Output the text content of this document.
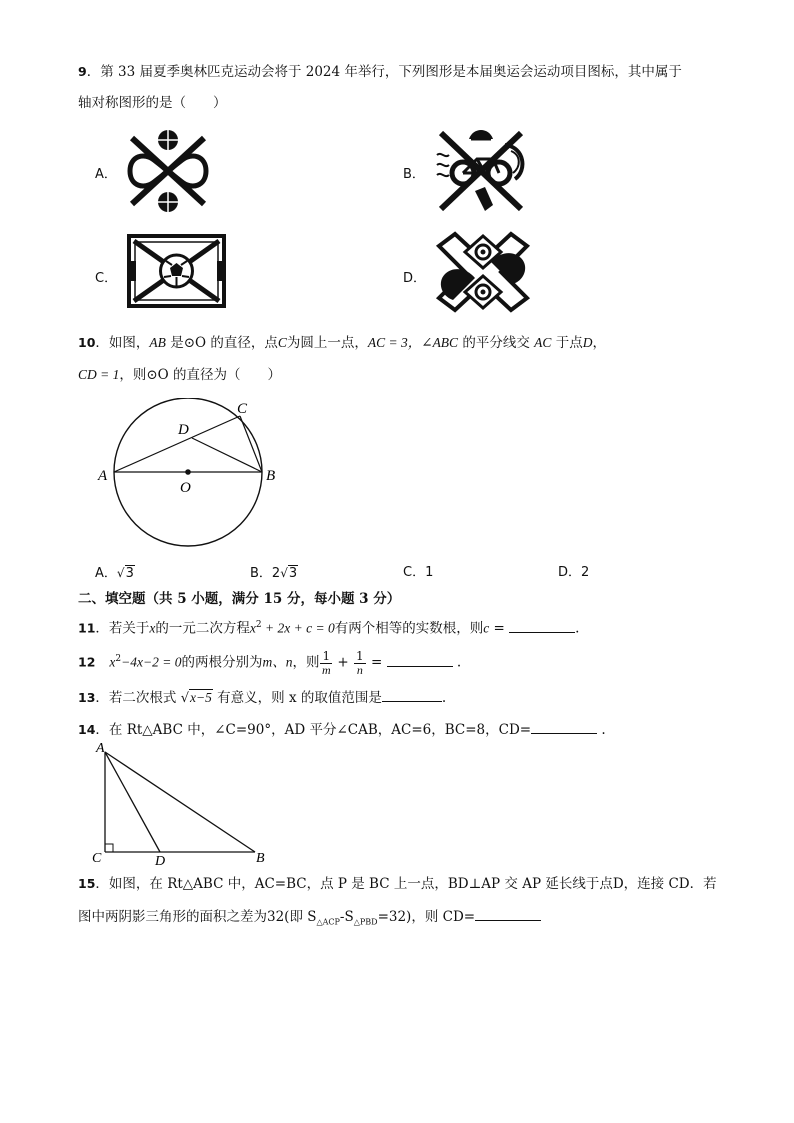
9．第 33 届夏季奥林匹克运动会将于 2024 年举行，下列图形是本届奥运会运动项目图标，其中属于
轴对称图形的是（　　）
A．	B．
C．	D．
10．如图，AB 是⊙O 的直径，点C为圆上一点，AC = 3，∠ABC 的平分线交 AC 于点D，
CD = 1，则⊙O 的直径为（　　）
A	B
C
D
O
A．√3	B．2√3	C．1	D．2
二、填空题（共 5 小题，满分 15 分，每小题 3 分）
11．若关于x的一元二次方程$x^2 + 2x + c = 0$有两个相等的实数根，则c =	.
12 $x^2-4x-2 = 0$的两根分别为m、n，则 $\frac{1}{m} + \frac{1}{n}$ =	.
13．若二次根式 √x−5 有意义，则 x 的取值范围是	.
14．在 Rt△ABC 中，∠C=90°，AD 平分∠CAB，AC=6，BC=8，CD=	.
A
C	D	B
15．如图，在 Rt△ABC 中，AC=BC，点 P 是 BC 上一点，BD⊥AP 交 AP 延长线于点D，连接 CD．若
图中两阴影三角形的面积之差为32(即 $S_{\triangle ACP}-S_{\triangle PBD}=32$)，则 CD=
